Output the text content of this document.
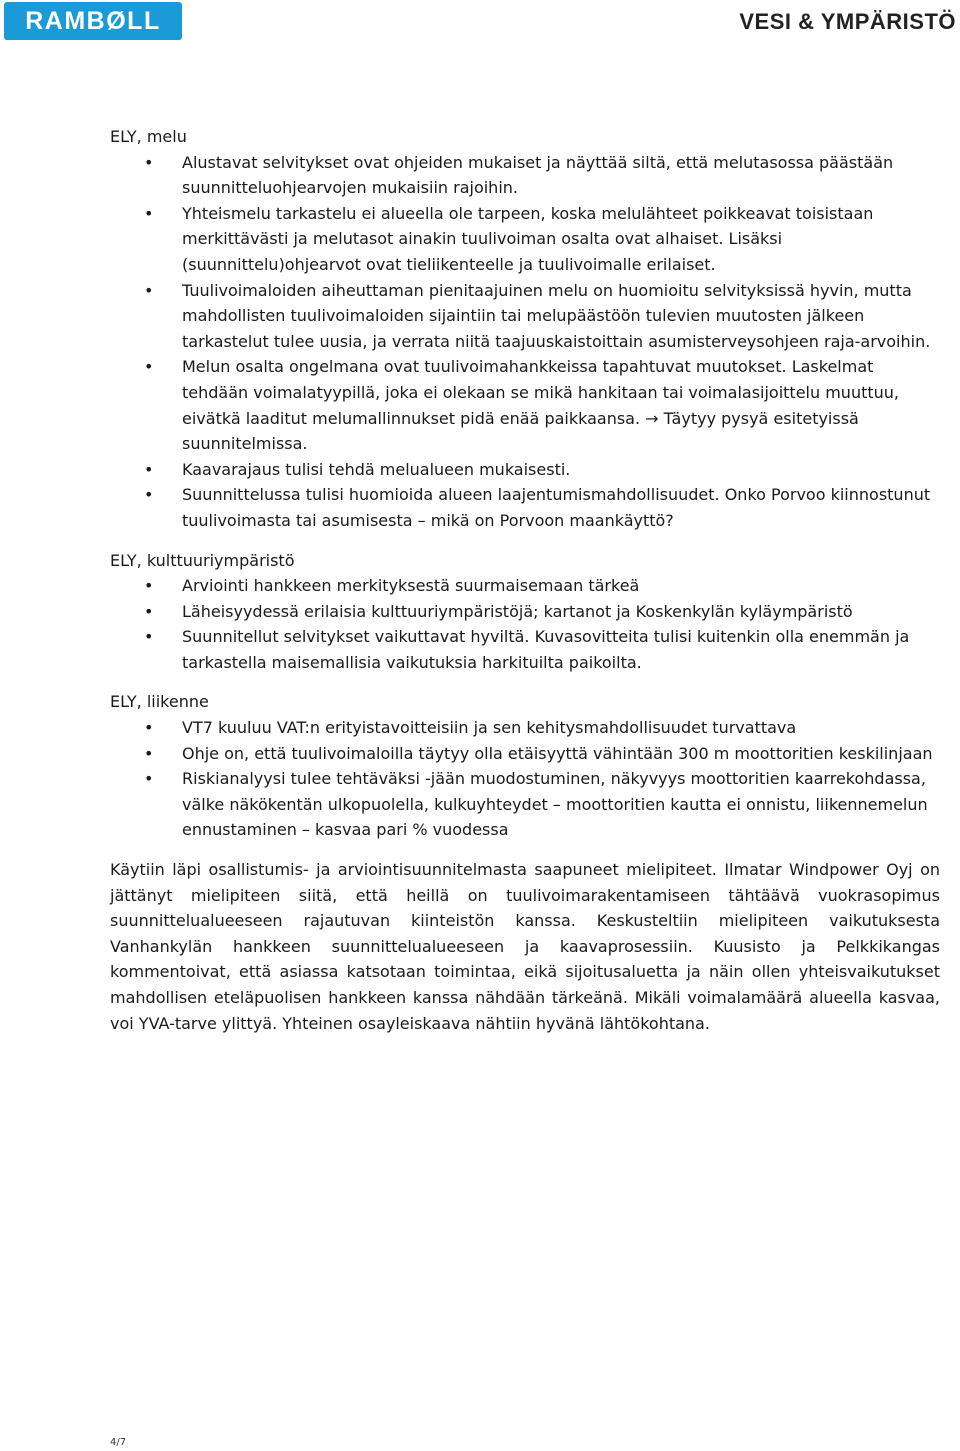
RAMBØLL	VESI & YMPÄRISTÖ

ELY, melu

• Alustavat selvitykset ovat ohjeiden mukaiset ja näyttää siltä, että melutasossa päästään suunnitteluohjearvojen mukaisiin rajoihin.
• Yhteismelu tarkastelu ei alueella ole tarpeen, koska melulähteet poikkeavat toisistaan merkittävästi ja melutasot ainakin tuulivoiman osalta ovat alhaiset. Lisäksi (suunnittelu)ohjearvot ovat tieliikenteelle ja tuulivoimalle erilaiset.
• Tuulivoimaloiden aiheuttaman pienitaajuinen melu on huomioitu selvityksissä hyvin, mutta mahdollisten tuulivoimaloiden sijaintiin tai melupäästöön tulevien muutosten jälkeen tarkastelut tulee uusia, ja verrata niitä taajuuskaistoittain asumisterveysohjeen raja-arvoihin.
• Melun osalta ongelmana ovat tuulivoimahankkeissa tapahtuvat muutokset. Laskelmat tehdään voimalatyypillä, joka ei olekaan se mikä hankitaan tai voimalasijoittelu muuttuu, eivätkä laaditut melumallinnukset pidä enää paikkaansa. → Täytyy pysyä esitetyissä suunnitelmissa.
• Kaavarajaus tulisi tehdä melualueen mukaisesti.
• Suunnittelussa tulisi huomioida alueen laajentumismahdollisuudet. Onko Porvoo kiinnostunut tuulivoimasta tai asumisesta – mikä on Porvoon maankäyttö?

ELY, kulttuuriympäristö

• Arviointi hankkeen merkityksestä suurmaisemaan tärkeä
• Läheisyydessä erilaisia kulttuuriympäristöjä; kartanot ja Koskenkylän kyläympäristö
• Suunnitellut selvitykset vaikuttavat hyviltä. Kuvasovitteita tulisi kuitenkin olla enemmän ja tarkastella maisemallisia vaikutuksia harkituilta paikoilta.

ELY, liikenne

• VT7 kuuluu VAT:n erityistavoitteisiin ja sen kehitysmahdollisuudet turvattava
• Ohje on, että tuulivoimaloilla täytyy olla etäisyyttä vähintään 300 m moottoritien keskilinjaan
• Riskianalyysi tulee tehtäväksi -jään muodostuminen, näkyvyys moottoritien kaarrekohdassa, välke näkökentän ulkopuolella, kulkuyhteydet – moottoritien kautta ei onnistu, liikennemelun ennustaminen – kasvaa pari % vuodessa

Käytiin läpi osallistumis- ja arviointisuunnitelmasta saapuneet mielipiteet. Ilmatar Windpower Oyj on jättänyt mielipiteen siitä, että heillä on tuulivoimarakentamiseen tähtäävä vuokrasopimus suunnittelualueeseen rajautuvan kiinteistön kanssa. Keskusteltiin mielipiteen vaikutuksesta Vanhankylän hankkeen suunnittelualueeseen ja kaavaprosessiin. Kuusisto ja Pelkkikangas kommentoivat, että asiassa katsotaan toimintaa, eikä sijoitusaluetta ja näin ollen yhteisvaikutukset mahdollisen eteläpuolisen hankkeen kanssa nähdään tärkeänä. Mikäli voimalamäärä alueella kasvaa, voi YVA-tarve ylittyä. Yhteinen osayleiskaava nähtiin hyvänä lähtökohtana.

4/7
